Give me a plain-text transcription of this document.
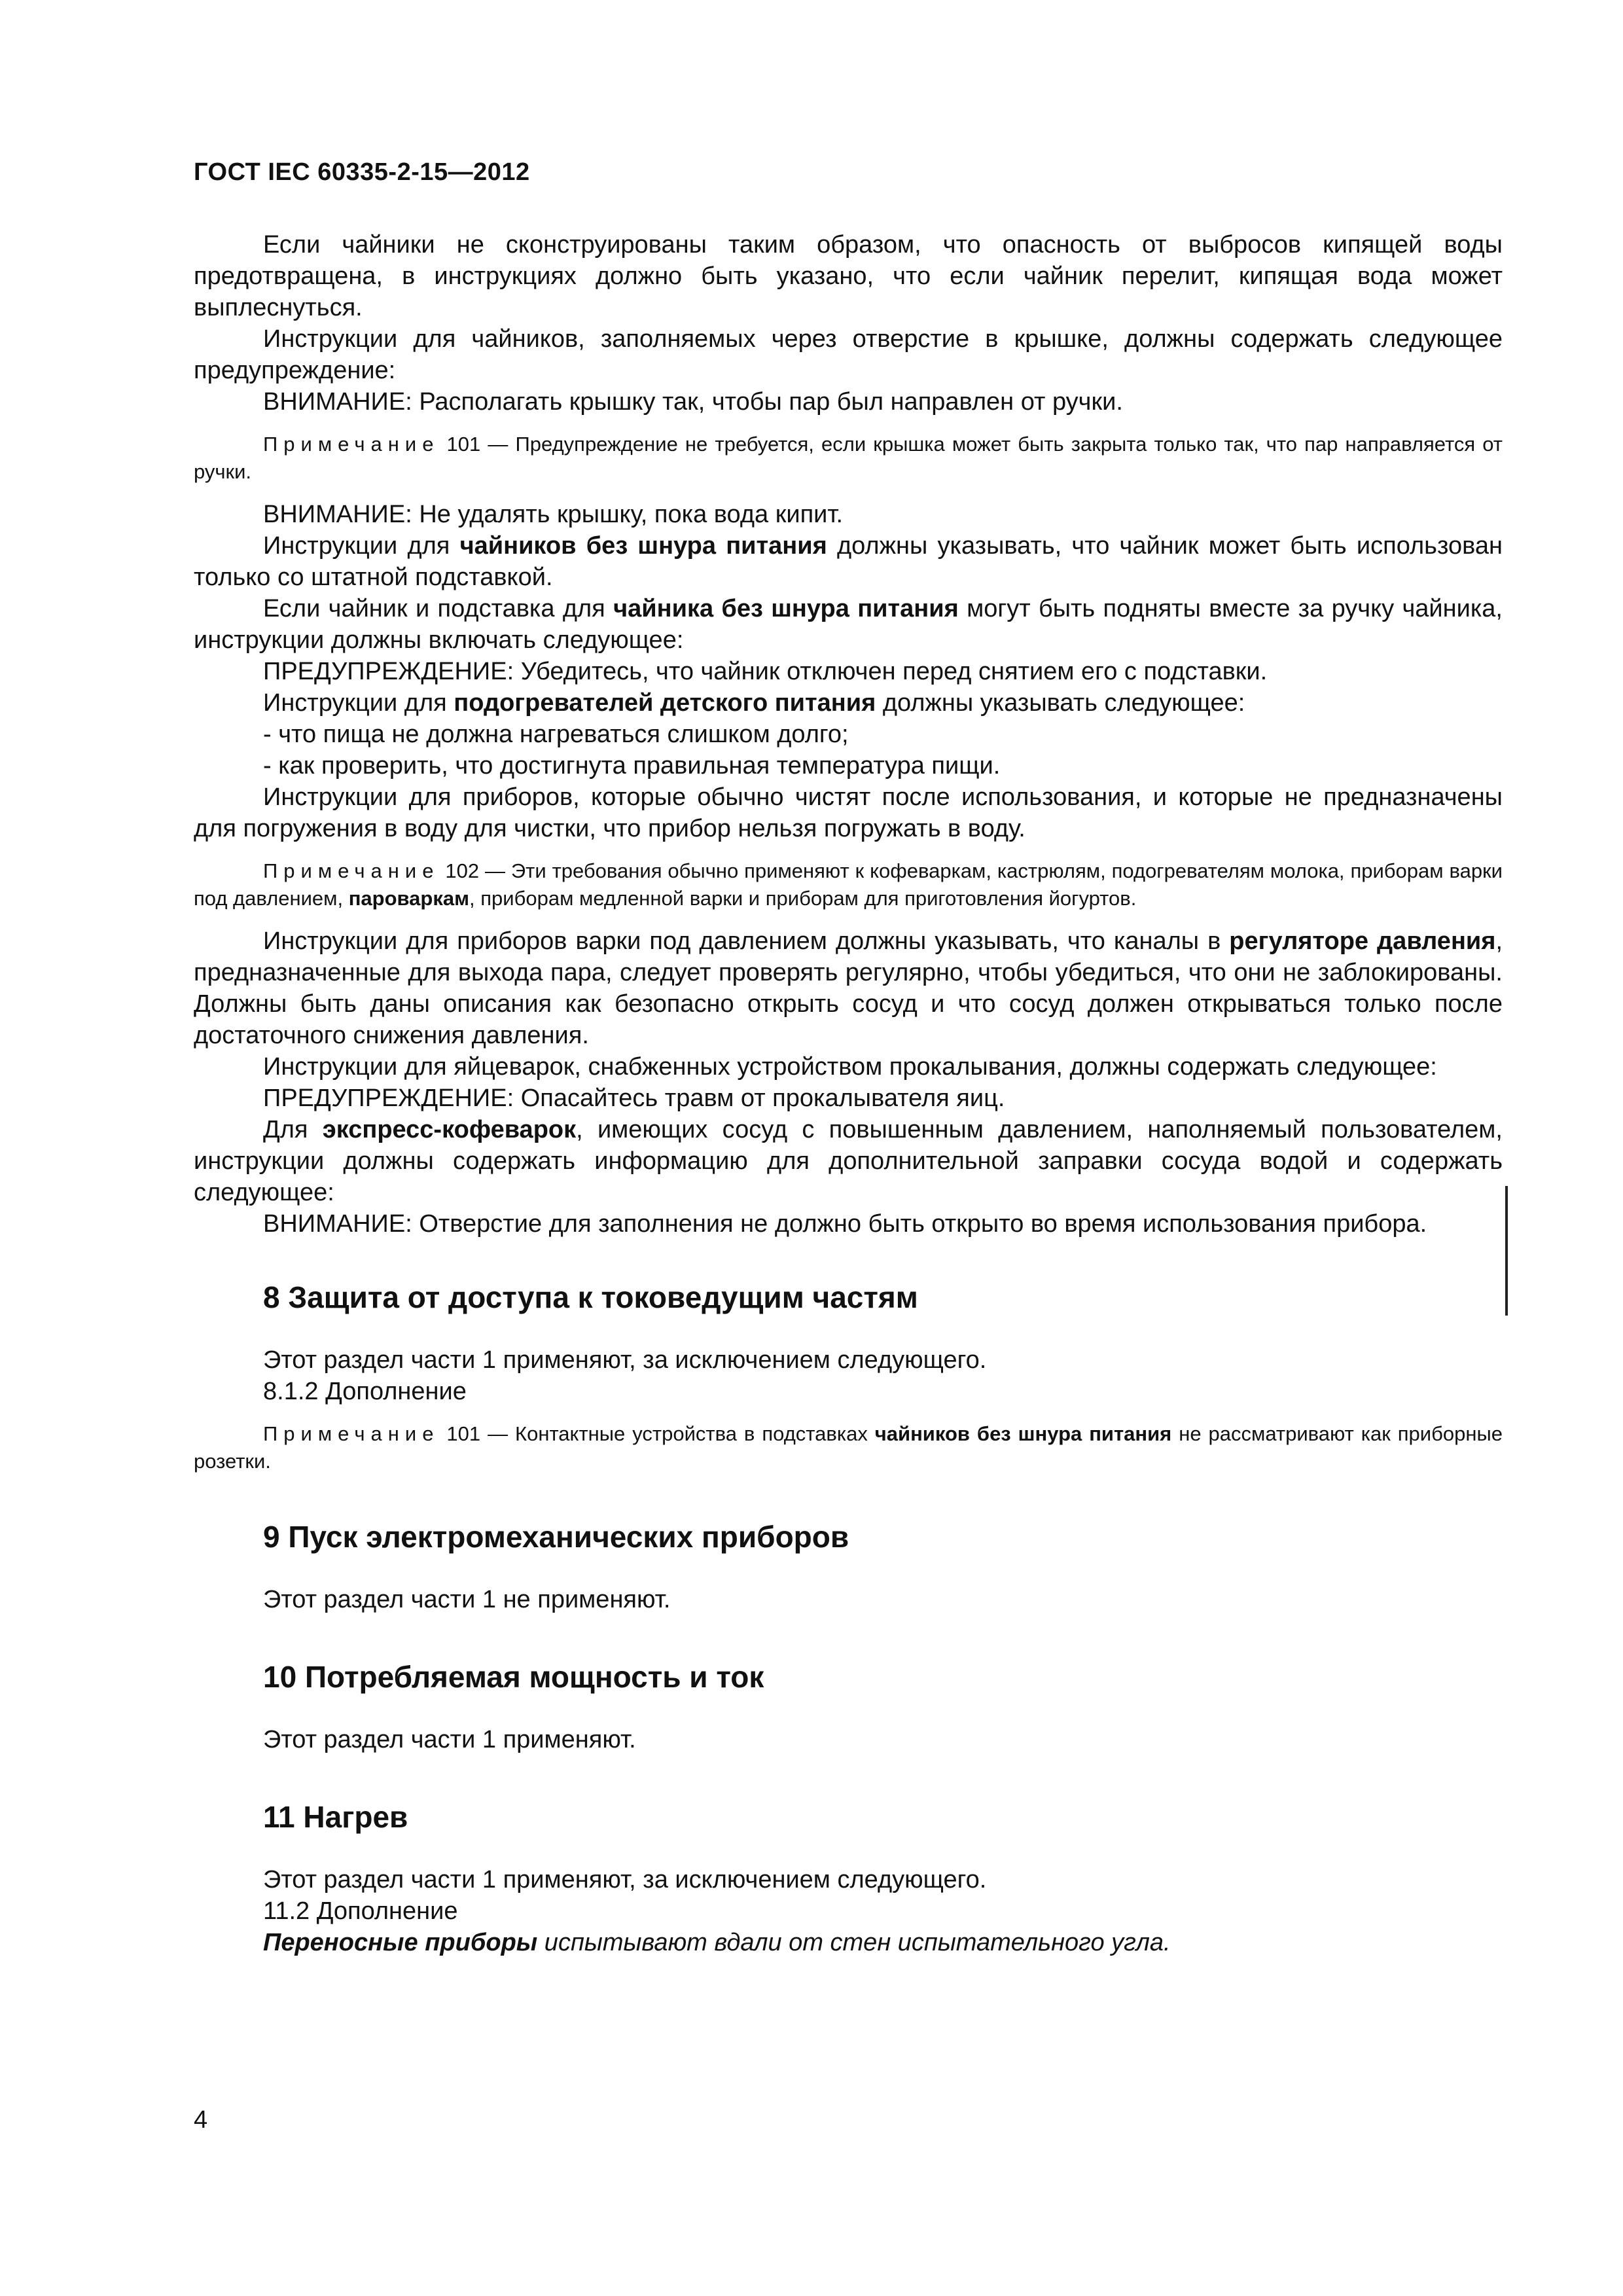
ГОСТ IEC 60335-2-15—2012

Если чайники не сконструированы таким образом, что опасность от выбросов кипящей воды предотвращена, в инструкциях должно быть указано, что если чайник перелит, кипящая вода может выплеснуться.

Инструкции для чайников, заполняемых через отверстие в крышке, должны содержать следующее предупреждение:

ВНИМАНИЕ: Располагать крышку так, чтобы пар был направлен от ручки.

Примечание 101 — Предупреждение не требуется, если крышка может быть закрыта только так, что пар направляется от ручки.

ВНИМАНИЕ: Не удалять крышку, пока вода кипит.

Инструкции для чайников без шнура питания должны указывать, что чайник может быть использован только со штатной подставкой.

Если чайник и подставка для чайника без шнура питания могут быть подняты вместе за ручку чайника, инструкции должны включать следующее:

ПРЕДУПРЕЖДЕНИЕ: Убедитесь, что чайник отключен перед снятием его с подставки.

Инструкции для подогревателей детского питания должны указывать следующее:

- что пища не должна нагреваться слишком долго;

- как проверить, что достигнута правильная температура пищи.

Инструкции для приборов, которые обычно чистят после использования, и которые не предназначены для погружения в воду для чистки, что прибор нельзя погружать в воду.

Примечание 102 — Эти требования обычно применяют к кофеваркам, кастрюлям, подогревателям молока, приборам варки под давлением, пароваркам, приборам медленной варки и приборам для приготовления йогуртов.

Инструкции для приборов варки под давлением должны указывать, что каналы в регуляторе давления, предназначенные для выхода пара, следует проверять регулярно, чтобы убедиться, что они не заблокированы. Должны быть даны описания как безопасно открыть сосуд и что сосуд должен открываться только после достаточного снижения давления.

Инструкции для яйцеварок, снабженных устройством прокалывания, должны содержать следующее:

ПРЕДУПРЕЖДЕНИЕ: Опасайтесь травм от прокалывателя яиц.

Для экспресс-кофеварок, имеющих сосуд с повышенным давлением, наполняемый пользователем, инструкции должны содержать информацию для дополнительной заправки сосуда водой и содержать следующее:

ВНИМАНИЕ: Отверстие для заполнения не должно быть открыто во время использования прибора.

8 Защита от доступа к токоведущим частям

Этот раздел части 1 применяют, за исключением следующего.

8.1.2 Дополнение

Примечание 101 — Контактные устройства в подставках чайников без шнура питания не рассматривают как приборные розетки.

9 Пуск электромеханических приборов

Этот раздел части 1 не применяют.

10 Потребляемая мощность и ток

Этот раздел части 1 применяют.

11 Нагрев

Этот раздел части 1 применяют, за исключением следующего.

11.2 Дополнение

Переносные приборы испытывают вдали от стен испытательного угла.

4
